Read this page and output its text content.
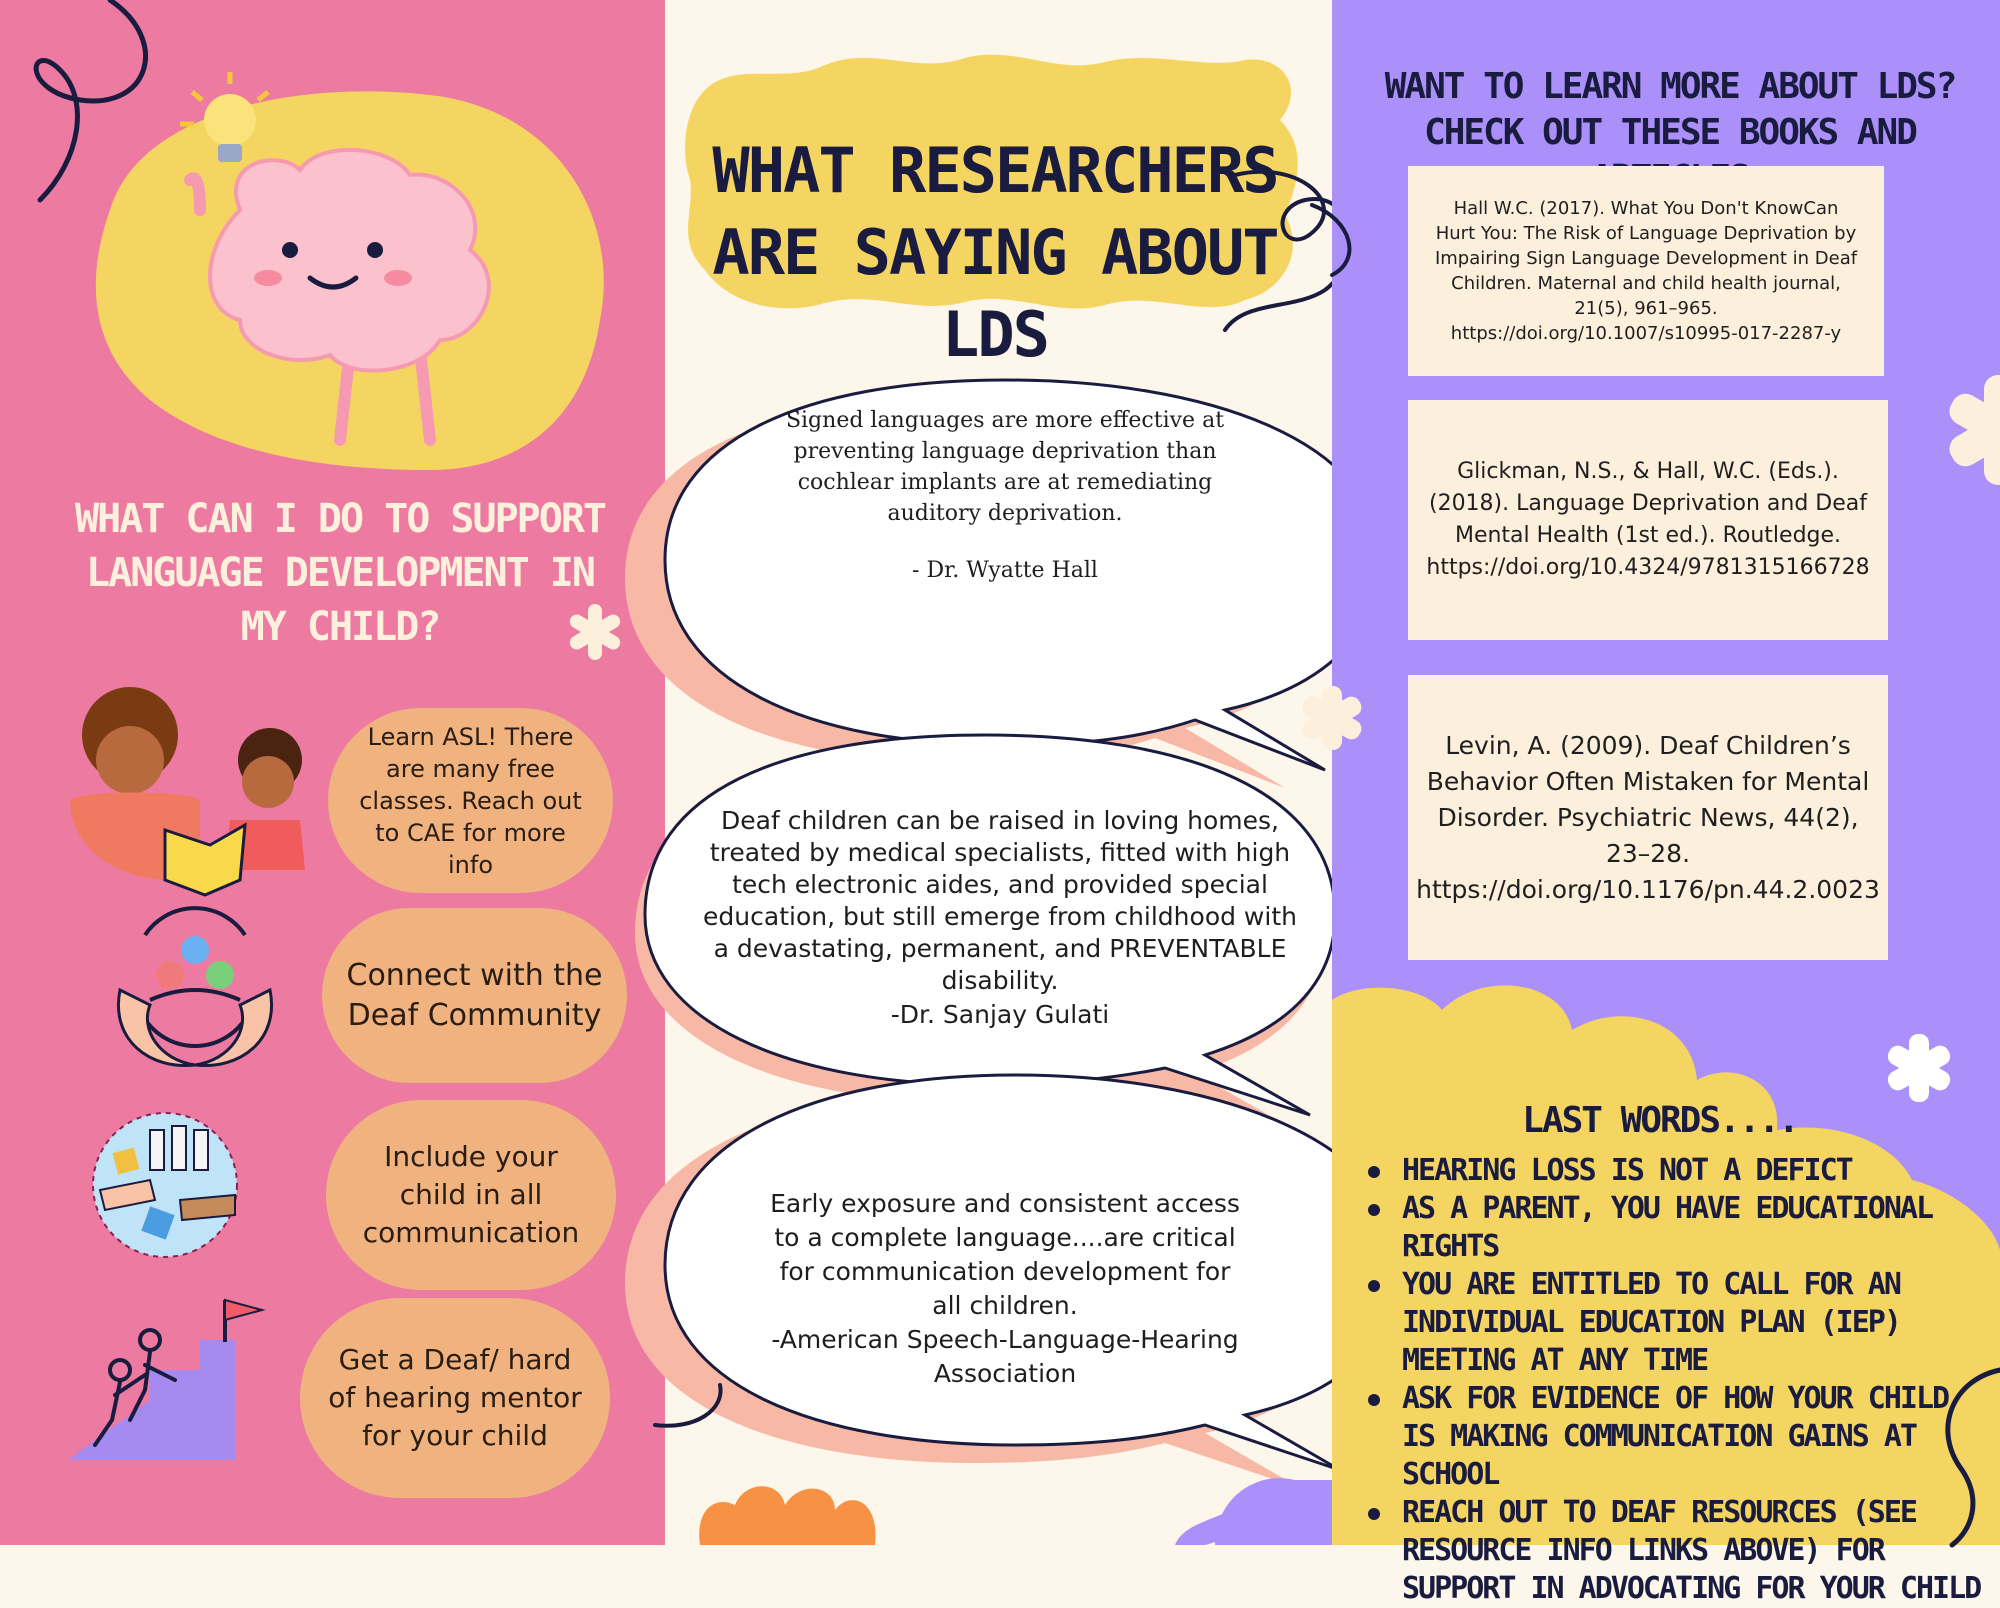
WHAT CAN I DO TO SUPPORT LANGUAGE DEVELOPMENT IN MY CHILD?
Learn ASL! There are many free classes. Reach out to CAE for more info
Connect with the Deaf Community
Include your child in all communication
Get a Deaf/ hard of hearing mentor for your child
WHAT RESEARCHERS ARE SAYING ABOUT LDS
Signed languages are more effective at preventing language deprivation than cochlear implants are at remediating auditory deprivation.
- Dr. Wyatte Hall
Deaf children can be raised in loving homes, treated by medical specialists, fitted with high tech electronic aides, and provided special education, but still emerge from childhood with a devastating, permanent, and PREVENTABLE disability.
-Dr. Sanjay Gulati
Early exposure and consistent access to a complete language....are critical for communication development for all children.
-American Speech-Language-Hearing Association
WANT TO LEARN MORE ABOUT LDS? CHECK OUT THESE BOOKS AND
Hall W.C. (2017). What You Don't KnowCan Hurt You: The Risk of Language Deprivation by Impairing Sign Language Development in Deaf Children. Maternal and child health journal, 21(5), 961–965. https://doi.org/10.1007/s10995-017-2287-y
Glickman, N.S., & Hall, W.C. (Eds.). (2018). Language Deprivation and Deaf Mental Health (1st ed.). Routledge. https://doi.org/10.4324/9781315166728
Levin, A. (2009). Deaf Children’s Behavior Often Mistaken for Mental Disorder. Psychiatric News, 44(2), 23–28. https://doi.org/10.1176/pn.44.2.0023
LAST WORDS....
HEARING LOSS IS NOT A DEFICT
AS A PARENT, YOU HAVE EDUCATIONAL RIGHTS
YOU ARE ENTITLED TO CALL FOR AN INDIVIDUAL EDUCATION PLAN (IEP) MEETING AT ANY TIME
ASK FOR EVIDENCE OF HOW YOUR CHILD IS MAKING COMMUNICATION GAINS AT SCHOOL
REACH OUT TO DEAF RESOURCES (SEE RESOURCE INFO LINKS ABOVE) FOR SUPPORT IN ADVOCATING FOR YOUR CHILD
